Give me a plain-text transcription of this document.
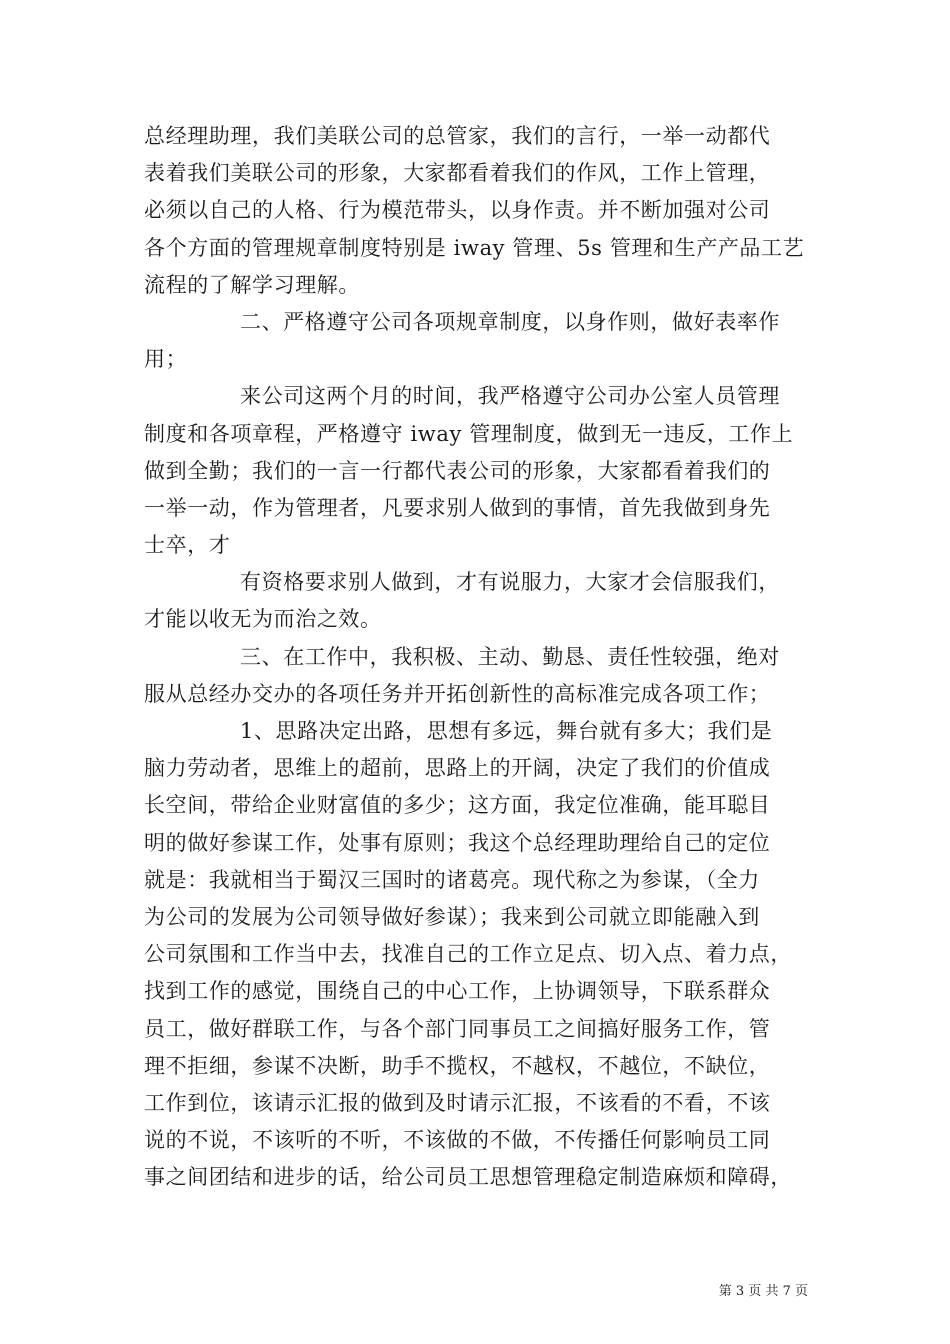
总经理助理，我们美联公司的总管家，我们的言行，一举一动都代
表着我们美联公司的形象，大家都看着我们的作风，工作上管理，
必须以自己的人格、行为模范带头，以身作责。并不断加强对公司
各个方面的管理规章制度特别是 iway 管理、5s 管理和生产产品工艺
流程的了解学习理解。
二、严格遵守公司各项规章制度，以身作则，做好表率作
用；
来公司这两个月的时间，我严格遵守公司办公室人员管理
制度和各项章程，严格遵守 iway 管理制度，做到无一违反，工作上
做到全勤；我们的一言一行都代表公司的形象，大家都看着我们的
一举一动，作为管理者，凡要求别人做到的事情，首先我做到身先
士卒，才
有资格要求别人做到，才有说服力，大家才会信服我们，
才能以收无为而治之效。
三、在工作中，我积极、主动、勤恳、责任性较强，绝对
服从总经办交办的各项任务并开拓创新性的高标准完成各项工作；
1、思路决定出路，思想有多远，舞台就有多大；我们是
脑力劳动者，思维上的超前，思路上的开阔，决定了我们的价值成
长空间，带给企业财富值的多少；这方面，我定位准确，能耳聪目
明的做好参谋工作，处事有原则；我这个总经理助理给自己的定位
就是：我就相当于蜀汉三国时的诸葛亮。现代称之为参谋，（全力
为公司的发展为公司领导做好参谋）；我来到公司就立即能融入到
公司氛围和工作当中去，找准自己的工作立足点、切入点、着力点，
找到工作的感觉，围绕自己的中心工作，上协调领导，下联系群众
员工，做好群联工作，与各个部门同事员工之间搞好服务工作，管
理不拒细，参谋不决断，助手不揽权，不越权，不越位，不缺位，
工作到位，该请示汇报的做到及时请示汇报，不该看的不看，不该
说的不说，不该听的不听，不该做的不做，不传播任何影响员工同
事之间团结和进步的话，给公司员工思想管理稳定制造麻烦和障碍，
第 3 页 共 7 页
